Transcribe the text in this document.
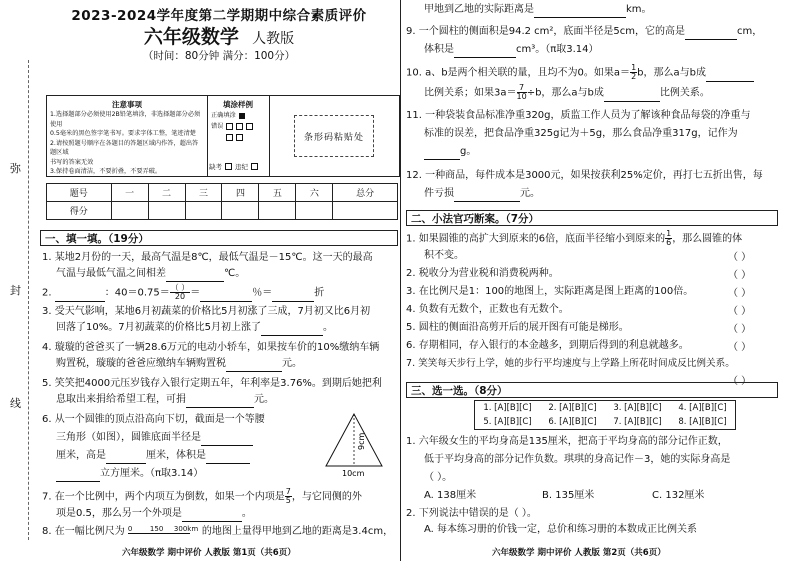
弥
封
线
2023-2024学年度第二学期期中综合素质评价
六年级数学 人教版
（时间：80分钟 满分：100分）
注意事项
1.选择题部分必须使用2B铅笔填涂，非选择题部分必须使用
0.5毫米的黑色签字笔书写。要求字体工整，笔迹清楚
2.请按照题号顺序在各题目的答题区域内作答，超出答题区域
书写的答案无效
3.保持卷面清洁，不要折叠，不要弄破。
填涂样例
正确填涂
错误
条形码粘贴处
缺考 违纪
题号	一	二	三	四	五	六	总分
得分							
一、填一填。（19分）
1. 某地2月份的一天，最高气温是8℃，最低气温是－15℃。这一天的最高
气温与最低气温之间相差	℃。
2.	：$40=0.75= \frac{( )}{20}$ ＝	％＝	折
3. 受天气影响，某地6月初蔬菜的价格比5月初涨了三成，7月初又比6月初
回落了10%。7月初蔬菜的价格比5月初上涨了	。
4. 璇璇的爸爸买了一辆28.6万元的电动小轿车，如果按车价的10%缴纳车辆
购置税，璇璇的爸爸应缴纳车辆购置税	元。
5. 笑笑把4000元压岁钱存入银行定期五年，年利率是3.76%。到期后她把利
息取出来捐给希望工程，可捐	元。
6. 从一个圆锥的顶点沿高向下切，截面是一个等腰
三角形（如图），圆锥底面半径是
厘米，高是	厘米，体积是
立方厘米。（π取3.14）
9cm
10cm
7. 在一个比例中，两个内项互为倒数，如果一个内项是 $\frac{7}{5}$ ，与它同侧的外
项是0.5，那么另一个外项是	。
8. 在一幅比例尺为 0	150 300km 的地图上量得甲地到乙地的距离是3.4cm，
六年级数学 期中评价 人教版 第1页（共6页）
甲地到乙地的实际距离是	km。
9. 一个圆柱的侧面积是94.2 cm²，底面半径是5cm，它的高是	cm，
体积是	cm³。（π取3.14）
10. a、b是两个相关联的量，且均不为0。如果$a= \frac{1}{2}$ b，那么a与b成
比例关系；如果$3a= \frac{7}{10} \div b$，那么a与b成	比例关系。
11. 一种袋装食品标准净重320g，质监工作人员为了解该种食品每袋的净重与
标准的误差，把食品净重325g记为＋5g，那么食品净重317g，记作为
g。
12. 一种商品，每件成本是3000元，如果按获利25%定价，再打七五折出售，每
件亏损	元。
二、小法官巧断案。（7分）
1. 如果圆锥的高扩大到原来的6倍，底面半径缩小到原来的 $\frac{1}{6}$ ，那么圆锥的体
积不变。	（ ）
2. 税收分为营业税和消费税两种。	（ ）
3. 在比例尺是1：100的地图上，实际距离是图上距离的100倍。	（ ）
4. 负数有无数个，正数也有无数个。	（ ）
5. 圆柱的侧面沿高剪开后的展开图有可能是梯形。	（ ）
6. 存期相同，存入银行的本金越多，到期后得到的利息就越多。	（ ）
7. 笑笑每天步行上学，她的步行平均速度与上学路上所花时间成反比例关系。
（ ）
三、选一选。（8分）
1. [A][B][C] 2. [A][B][C] 3. [A][B][C] 4. [A][B][C]
5. [A][B][C] 6. [A][B][C] 7. [A][B][C] 8. [A][B][C]
1. 六年级女生的平均身高是135厘米，把高于平均身高的部分记作正数，
低于平均身高的部分记作负数。琪琪的身高记作－3，她的实际身高是
（ ）。
A. 138厘米	B. 135厘米	C. 132厘米
2. 下列说法中错误的是（ ）。
A. 每本练习册的价钱一定，总价和练习册的本数成正比例关系
六年级数学 期中评价 人教版 第2页（共6页）
